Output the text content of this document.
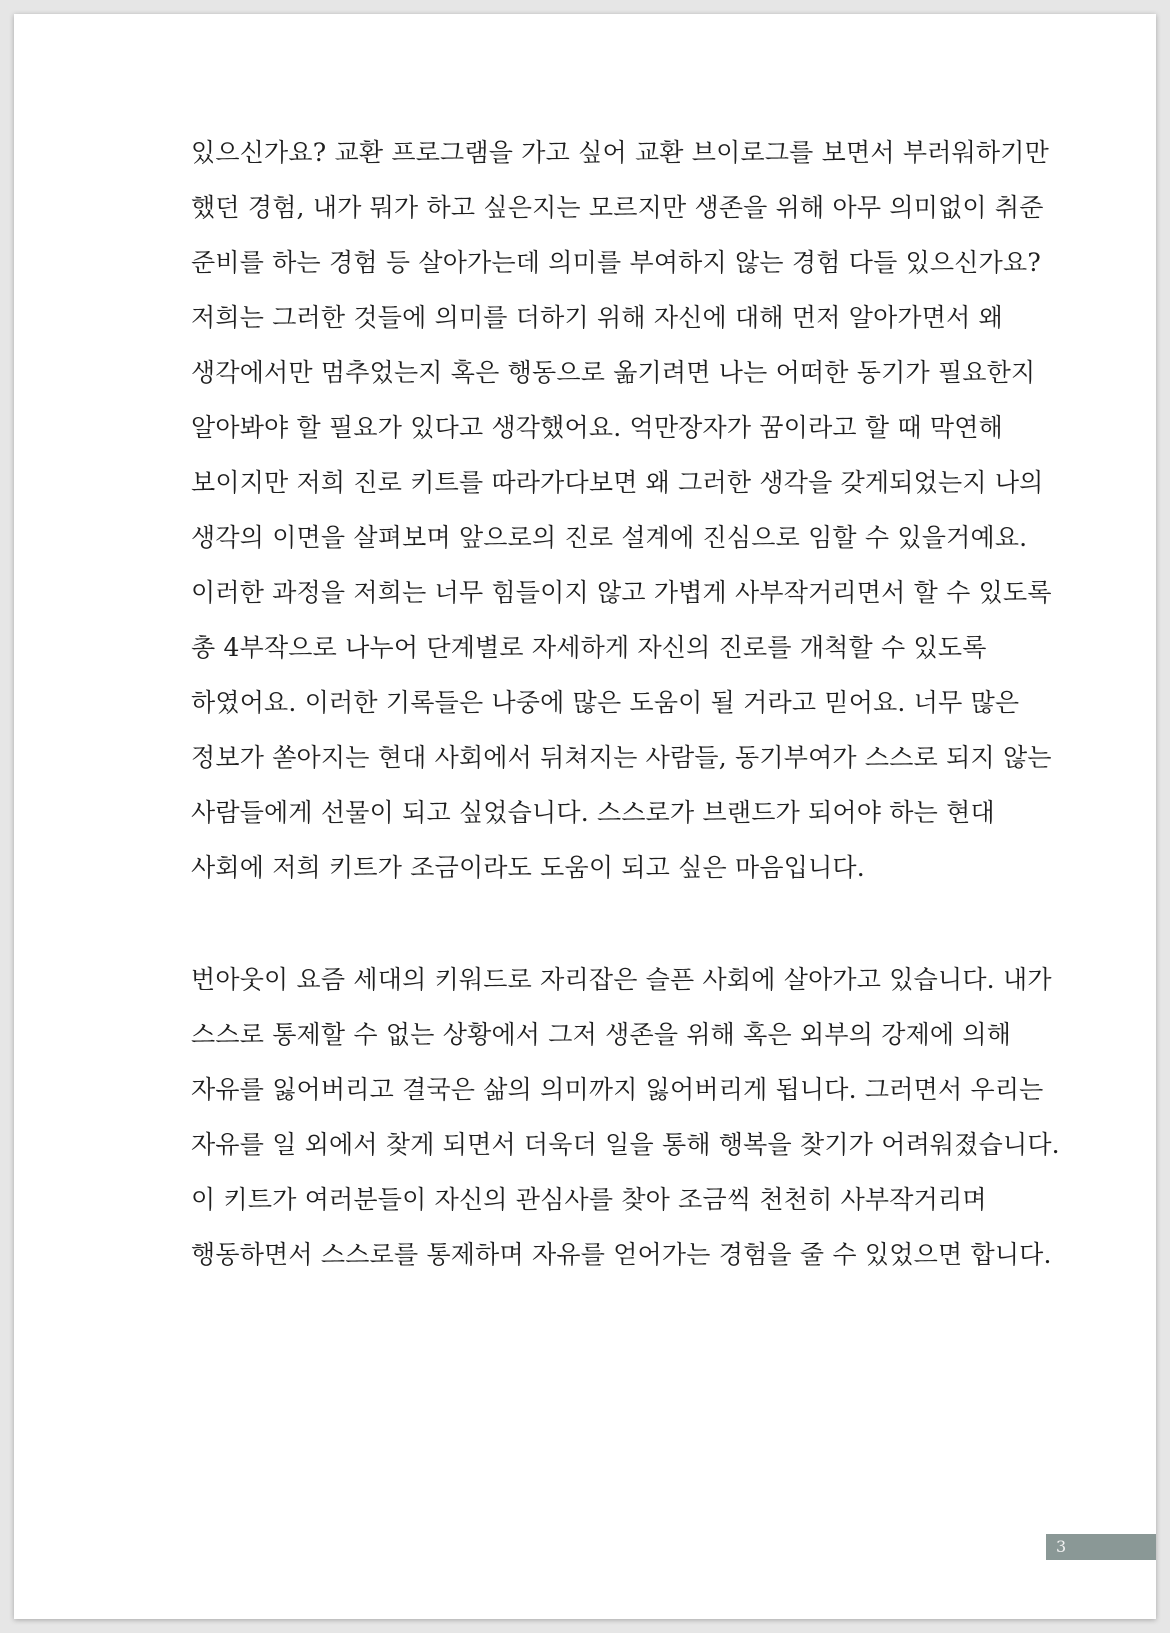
있으신가요? 교환 프로그램을 가고 싶어 교환 브이로그를 보면서 부러워하기만
했던 경험, 내가 뭐가 하고 싶은지는 모르지만 생존을 위해 아무 의미없이 취준
준비를 하는 경험 등 살아가는데 의미를 부여하지 않는 경험 다들 있으신가요?
저희는 그러한 것들에 의미를 더하기 위해 자신에 대해 먼저 알아가면서 왜
생각에서만 멈추었는지 혹은 행동으로 옮기려면 나는 어떠한 동기가 필요한지
알아봐야 할 필요가 있다고 생각했어요. 억만장자가 꿈이라고 할 때 막연해
보이지만 저희 진로 키트를 따라가다보면 왜 그러한 생각을 갖게되었는지 나의
생각의 이면을 살펴보며 앞으로의 진로 설계에 진심으로 임할 수 있을거예요.
이러한 과정을 저희는 너무 힘들이지 않고 가볍게 사부작거리면서 할 수 있도록
총 4부작으로 나누어 단계별로 자세하게 자신의 진로를 개척할 수 있도록
하였어요. 이러한 기록들은 나중에 많은 도움이 될 거라고 믿어요. 너무 많은
정보가 쏟아지는 현대 사회에서 뒤쳐지는 사람들, 동기부여가 스스로 되지 않는
사람들에게 선물이 되고 싶었습니다. 스스로가 브랜드가 되어야 하는 현대
사회에 저희 키트가 조금이라도 도움이 되고 싶은 마음입니다.
번아웃이 요즘 세대의 키워드로 자리잡은 슬픈 사회에 살아가고 있습니다. 내가
스스로 통제할 수 없는 상황에서 그저 생존을 위해 혹은 외부의 강제에 의해
자유를 잃어버리고 결국은 삶의 의미까지 잃어버리게 됩니다. 그러면서 우리는
자유를 일 외에서 찾게 되면서 더욱더 일을 통해 행복을 찾기가 어려워졌습니다.
이 키트가 여러분들이 자신의 관심사를 찾아 조금씩 천천히 사부작거리며
행동하면서 스스로를 통제하며 자유를 얻어가는 경험을 줄 수 있었으면 합니다.
3
